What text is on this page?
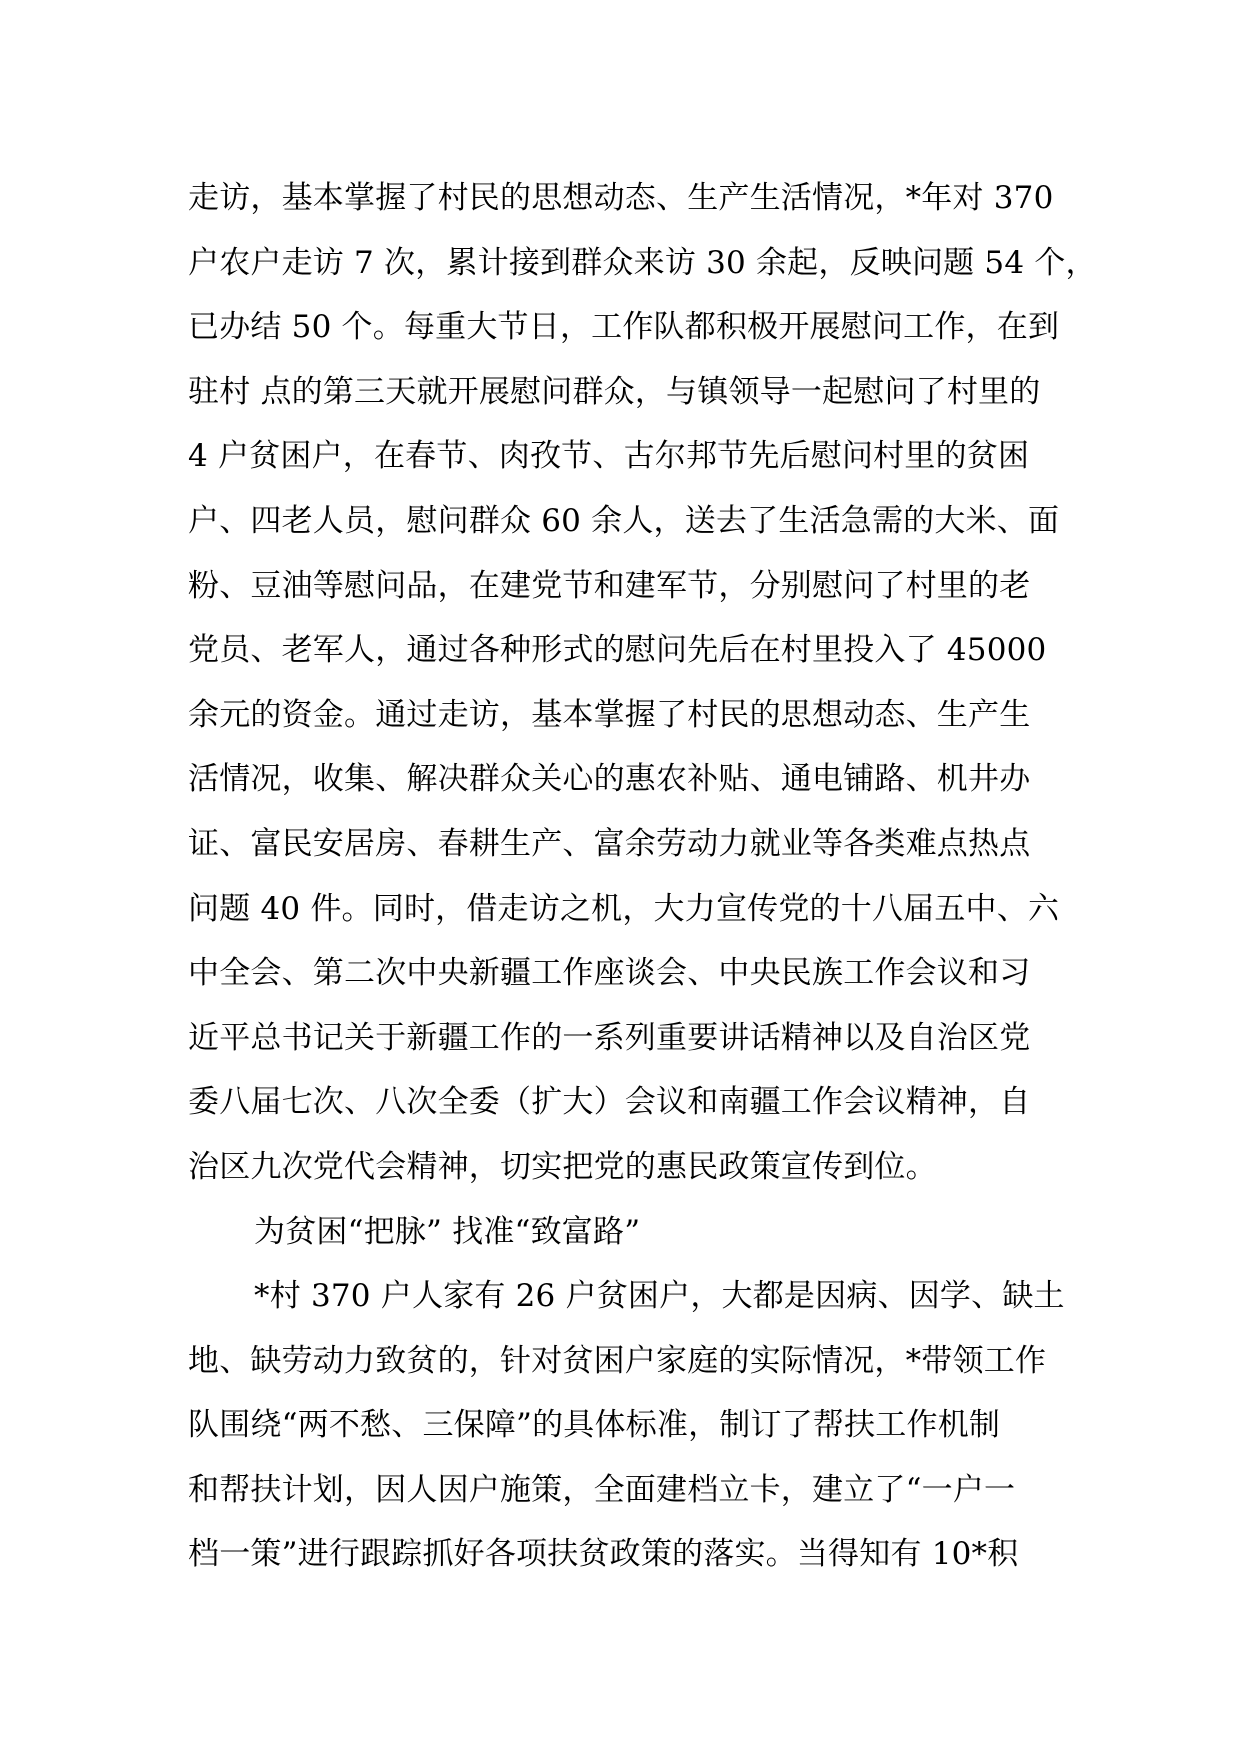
走访，基本掌握了村民的思想动态、生产生活情况，*年对 370
户农户走访 7 次，累计接到群众来访 30 余起，反映问题 54 个，
已办结 50 个。每重大节日，工作队都积极开展慰问工作，在到
驻村 点的第三天就开展慰问群众，与镇领导一起慰问了村里的
4 户贫困户，在春节、肉孜节、古尔邦节先后慰问村里的贫困
户、四老人员，慰问群众 60 余人，送去了生活急需的大米、面
粉、豆油等慰问品，在建党节和建军节，分别慰问了村里的老
党员、老军人，通过各种形式的慰问先后在村里投入了 45000
余元的资金。通过走访，基本掌握了村民的思想动态、生产生
活情况，收集、解决群众关心的惠农补贴、通电铺路、机井办
证、富民安居房、春耕生产、富余劳动力就业等各类难点热点
问题 40 件。同时，借走访之机，大力宣传党的十八届五中、六
中全会、第二次中央新疆工作座谈会、中央民族工作会议和习
近平总书记关于新疆工作的一系列重要讲话精神以及自治区党
委八届七次、八次全委（扩大）会议和南疆工作会议精神，自
治区九次党代会精神，切实把党的惠民政策宣传到位。
为贫困“把脉” 找准“致富路”
*村 370 户人家有 26 户贫困户，大都是因病、因学、缺土
地、缺劳动力致贫的，针对贫困户家庭的实际情况，*带领工作
队围绕“两不愁、三保障”的具体标准，制订了帮扶工作机制
和帮扶计划，因人因户施策，全面建档立卡，建立了“一户一
档一策”进行跟踪抓好各项扶贫政策的落实。当得知有 10*积
